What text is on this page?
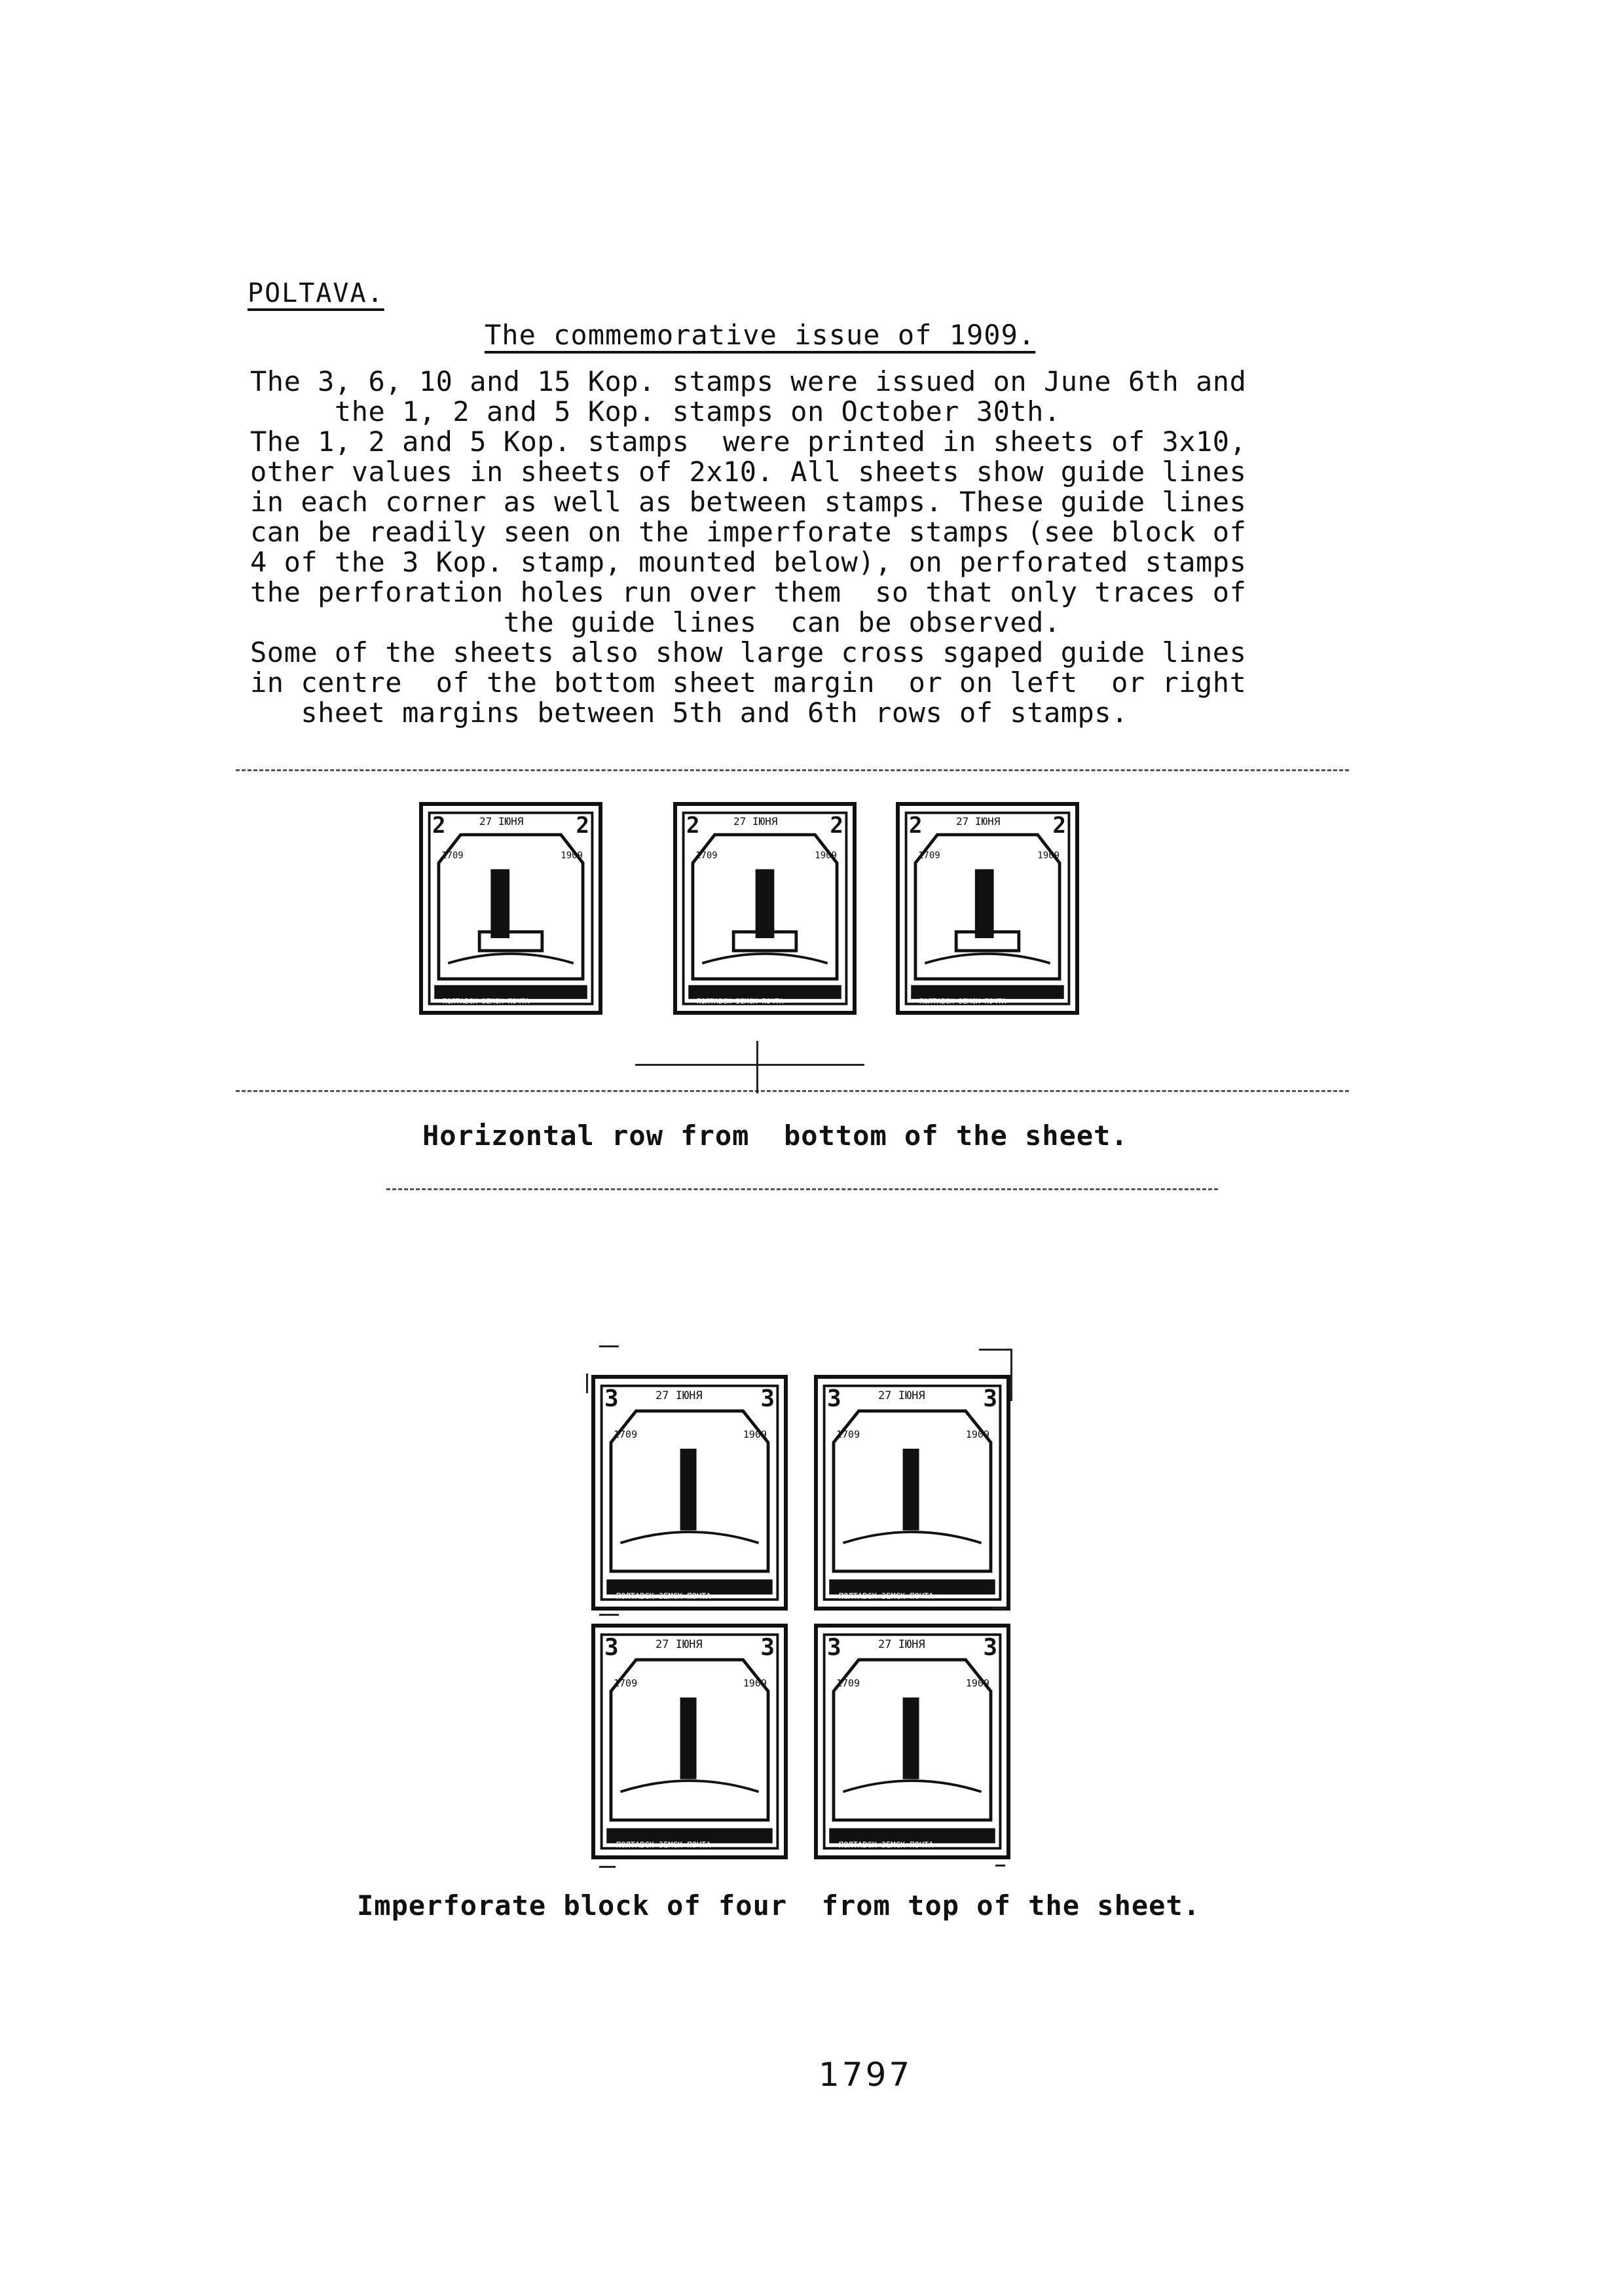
POLTAVA.
The commemorative issue of 1909.
The 3, 6, 10 and 15 Kop. stamps were issued on June 6th and
the 1, 2 and 5 Kop. stamps on October 30th.
The 1, 2 and 5 Kop. stamps  were printed in sheets of 3x10,
other values in sheets of 2x10. All sheets show guide lines
in each corner as well as between stamps. These guide lines
can be readily seen on the imperforate stamps (see block of
4 of the 3 Kop. stamp, mounted below), on perforated stamps
the perforation holes run over them  so that only traces of
the guide lines  can be observed.
Some of the sheets also show large cross sgaped guide lines
in centre  of the bottom sheet margin  or on left  or right
sheet margins between 5th and 6th rows of stamps.
2	2
27 ІЮНЯ
ПОЛТАВСК ЗЕМСК ПОЧТА
1709	1909
2	2
27 ІЮНЯ
ПОЛТАВСК ЗЕМСК ПОЧТА
1709	1909
2	2
27 ІЮНЯ
ПОЛТАВСК ЗЕМСК ПОЧТА
1709	1909
Horizontal row from  bottom of the sheet.
3	3
27 ІЮНЯ
ПОЛТАВСК ЗЕМСК ПОЧТА
1709	1909
3	3
27 ІЮНЯ
ПОЛТАВСК ЗЕМСК ПОЧТА
1709	1909
3	3
27 ІЮНЯ
ПОЛТАВСК ЗЕМСК ПОЧТА
1709	1909
3	3
27 ІЮНЯ
ПОЛТАВСК ЗЕМСК ПОЧТА
1709	1909
Imperforate block of four  from top of the sheet.
1797
